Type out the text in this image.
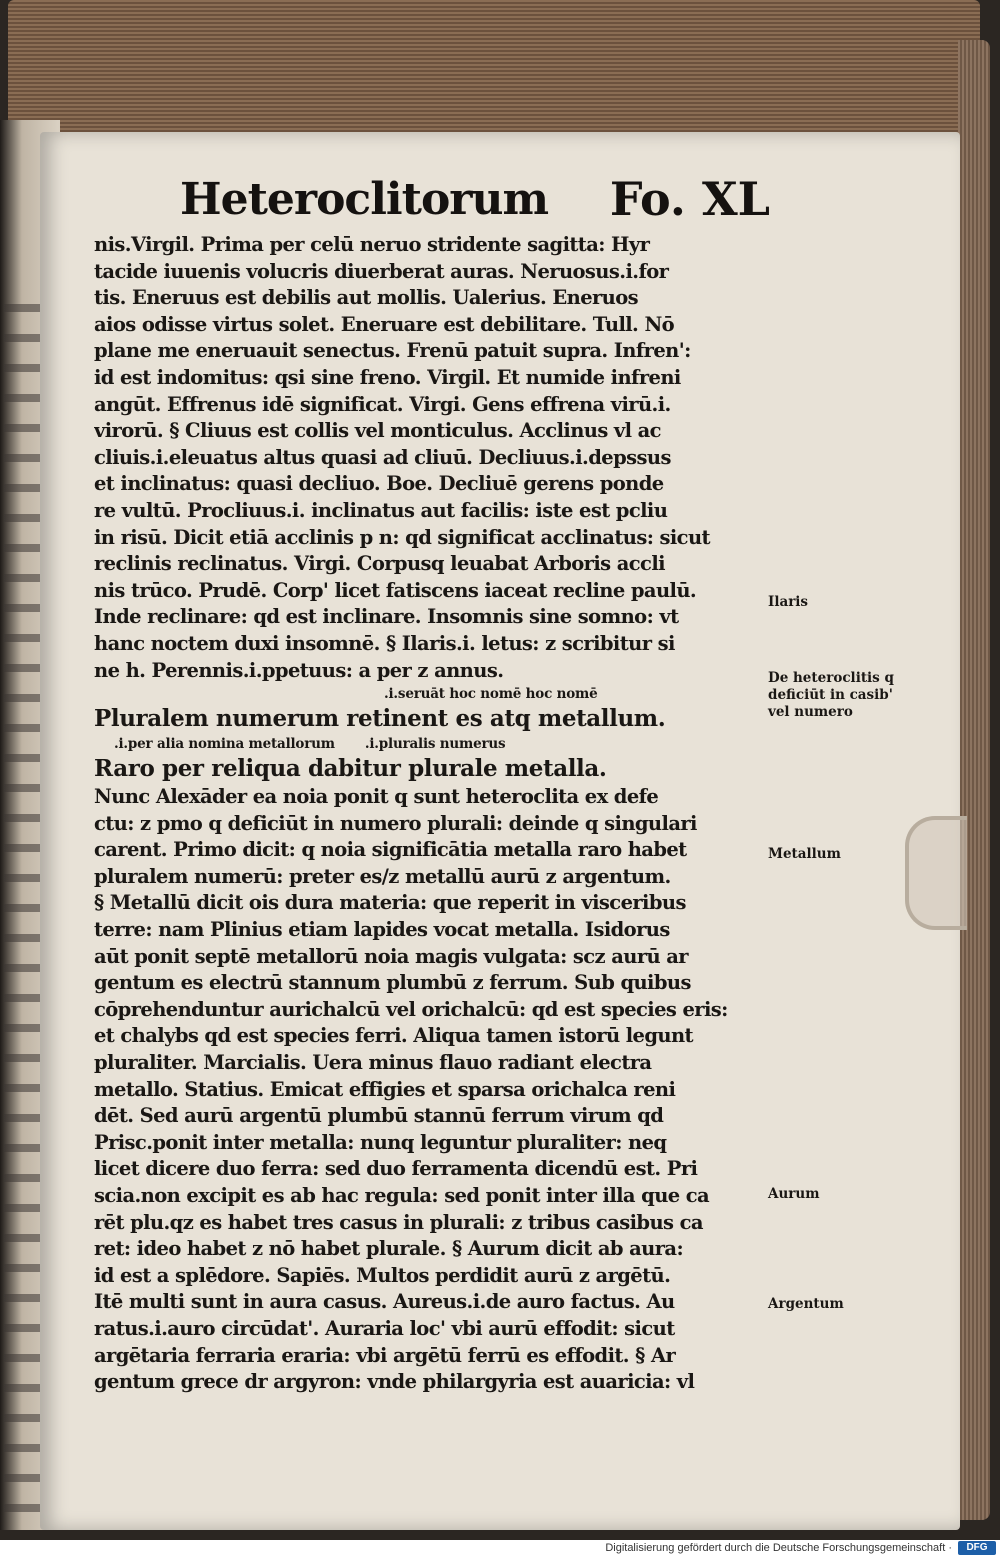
Heteroclitorum Fo. XL
nis.Virgil. Prima per celū neruo stridente sagitta: Hyr
tacide iuuenis volucris diuerberat auras. Neruosus.i.for
tis. Eneruus est debilis aut mollis. Ualerius. Eneruos
aios odisse virtus solet. Eneruare est debilitare. Tull. Nō
plane me eneruauit senectus. Frenū patuit supra. Infren':
id est indomitus: qsi sine freno. Virgil. Et numide infreni
angūt. Effrenus idē significat. Virgi. Gens effrena virū.i.
virorū. § Cliuus est collis vel monticulus. Acclinus vl ac
cliuis.i.eleuatus altus quasi ad cliuū. Decliuus.i.depssus
et inclinatus: quasi decliuo. Boe. Decliuē gerens ponde
re vultū. Procliuus.i. inclinatus aut facilis: iste est pcliu
in risū. Dicit etiā acclinis p n: qd significat acclinatus: sicut
reclinis reclinatus. Virgi. Corpusq leuabat Arboris accli
nis trūco. Prudē. Corp' licet fatiscens iaceat recline paulū.
Inde reclinare: qd est inclinare. Insomnis sine somno: vt
hanc noctem duxi insomnē. § Ilaris.i. letus: z scribitur si
ne h. Perennis.i.ppetuus: a per z annus.
.i.seruāt hoc nomē hoc nomē
Pluralem numerum retinent es atq metallum.
.i.per alia nomina metallorum .i.pluralis numerus
Raro per reliqua dabitur plurale metalla.
Nunc Alexāder ea noia ponit q sunt heteroclita ex defe
ctu: z pmo q deficiūt in numero plurali: deinde q singulari
carent. Primo dicit: q noia significātia metalla raro habet
pluralem numerū: preter es/z metallū aurū z argentum.
§ Metallū dicit ois dura materia: que reperit in visceribus
terre: nam Plinius etiam lapides vocat metalla. Isidorus
aūt ponit septē metallorū noia magis vulgata: scz aurū ar
gentum es electrū stannum plumbū z ferrum. Sub quibus
cōprehenduntur aurichalcū vel orichalcū: qd est species eris:
et chalybs qd est species ferri. Aliqua tamen istorū legunt
pluraliter. Marcialis. Uera minus flauo radiant electra
metallo. Statius. Emicat effigies et sparsa orichalca reni
dēt. Sed aurū argentū plumbū stannū ferrum virum qd
Prisc.ponit inter metalla: nunq leguntur pluraliter: neq
licet dicere duo ferra: sed duo ferramenta dicendū est. Pri
scia.non excipit es ab hac regula: sed ponit inter illa que ca
rēt plu.qz es habet tres casus in plurali: z tribus casibus ca
ret: ideo habet z nō habet plurale. § Aurum dicit ab aura:
id est a splēdore. Sapiēs. Multos perdidit aurū z argētū.
Itē multi sunt in aura casus. Aureus.i.de auro factus. Au
ratus.i.auro circūdat'. Auraria loc' vbi aurū effodit: sicut
argētaria ferraria eraria: vbi argētū ferrū es effodit. § Ar
gentum grece dr argyron: vnde philargyria est auaricia: vl
Ilaris
De heteroclitis q deficiūt in casib' vel numero
Metallum
Aurum
Argentum
Digitalisierung gefördert durch die Deutsche Forschungsgemeinschaft ·	DFG
